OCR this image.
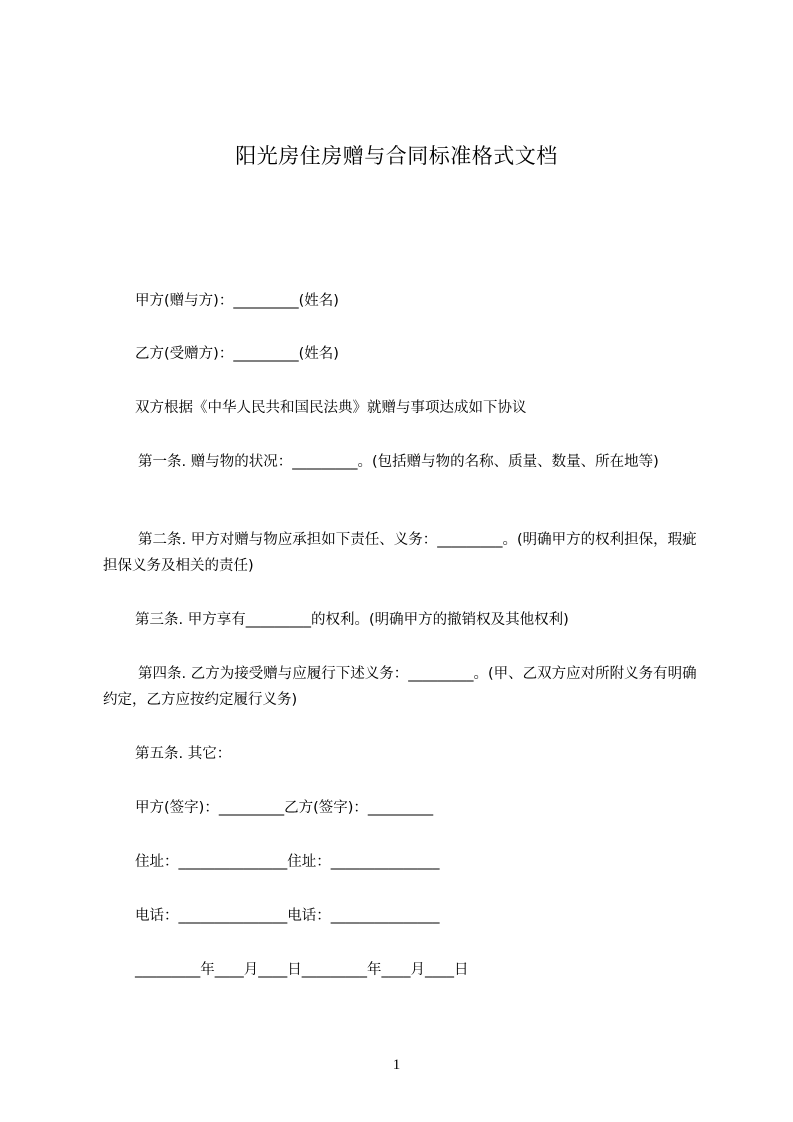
阳光房住房赠与合同标准格式文档

甲方(赠与方)：_________(姓名)

乙方(受赠方)：_________(姓名)

双方根据《中华人民共和国民法典》就赠与事项达成如下协议

第一条. 赠与物的状况：_________。(包括赠与物的名称、质量、数量、所在地等)

第二条. 甲方对赠与物应承担如下责任、义务：_________。(明确甲方的权利担保，瑕疵担保义务及相关的责任)

第三条. 甲方享有_________的权利。(明确甲方的撤销权及其他权利)

第四条. 乙方为接受赠与应履行下述义务：_________。(甲、乙双方应对所附义务有明确约定，乙方应按约定履行义务)

第五条. 其它：

甲方(签字)：_________乙方(签字)：_________

住址：_______________住址：_______________

电话：_______________电话：_______________

_________年____月____日_________年____月____日

1
